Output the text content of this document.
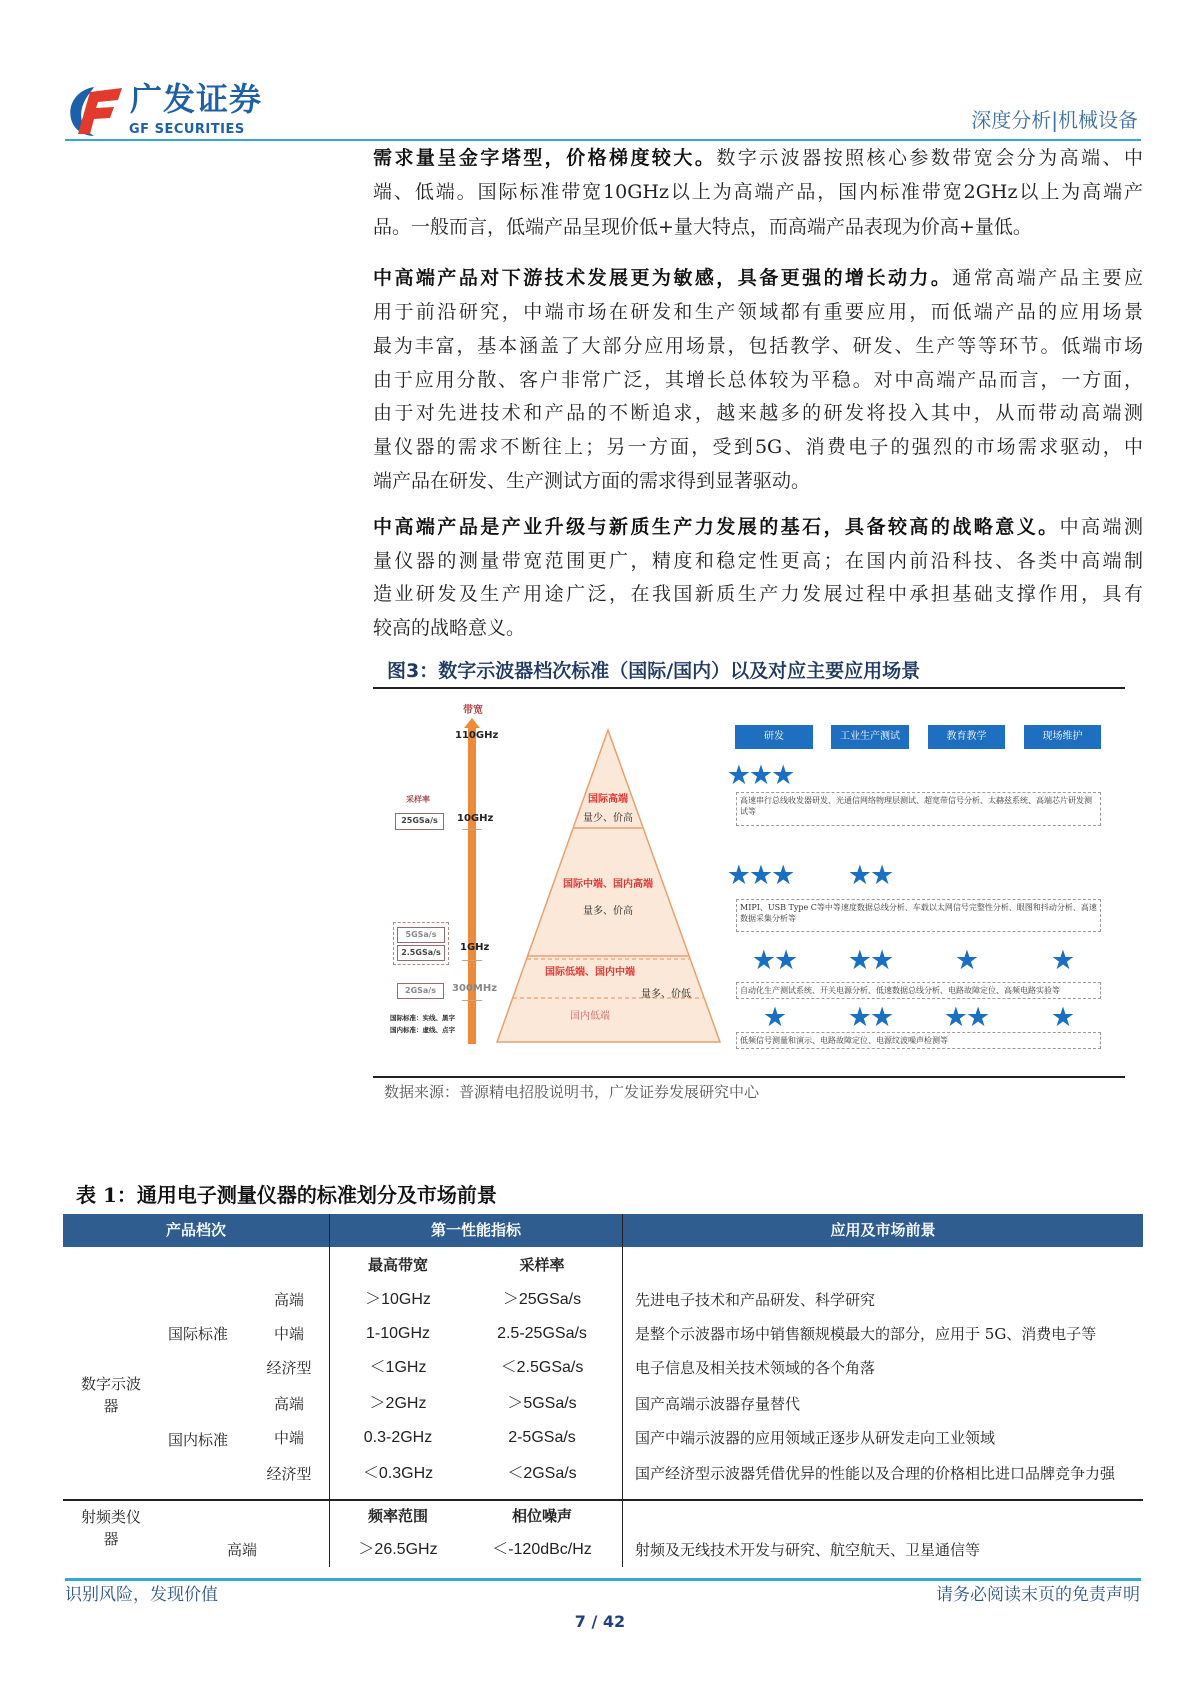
广发证券
GF SECURITIES	深度分析|机械设备
需求量呈金字塔型，价格梯度较大。数字示波器按照核心参数带宽会分为高端、中
端、低端。国际标准带宽10GHz以上为高端产品，国内标准带宽2GHz以上为高端产
品。一般而言，低端产品呈现价低+量大特点，而高端产品表现为价高+量低。
中高端产品对下游技术发展更为敏感，具备更强的增长动力。通常高端产品主要应
用于前沿研究，中端市场在研发和生产领域都有重要应用，而低端产品的应用场景
最为丰富，基本涵盖了大部分应用场景，包括教学、研发、生产等等环节。低端市场
由于应用分散、客户非常广泛，其增长总体较为平稳。对中高端产品而言，一方面，
由于对先进技术和产品的不断追求，越来越多的研发将投入其中，从而带动高端测
量仪器的需求不断往上；另一方面，受到5G、消费电子的强烈的市场需求驱动，中
端产品在研发、生产测试方面的需求得到显著驱动。
中高端产品是产业升级与新质生产力发展的基石，具备较高的战略意义。中高端测
量仪器的测量带宽范围更广，精度和稳定性更高；在国内前沿科技、各类中高端制
造业研发及生产用途广泛，在我国新质生产力发展过程中承担基础支撑作用，具有
较高的战略意义。
图3：数字示波器档次标准（国际/国内）以及对应主要应用场景
带宽
110GHz
10GHz
1GHz
300MHz
采样率
25GSa/s
5GSa/s
2.5GSa/s
2GSa/s
国际标准：实线、黑字
国内标准：虚线、点字
国际高端
量少、价高
国际中端、国内高端
量多、价高
国际低端、国内中端
量多、价低
国内低端
研发	工业生产测试	教育教学	现场维护
★★★
★★★	★★
★★	★★	★	★
★	★★	★★	★
高速串行总线收发器研发、光通信网络物理层测试、超宽带信号分析、太赫兹系统、高端芯片研发测试等
MIPI、USB Type C等中等速度数据总线分析、车载以太网信号完整性分析、眼图和抖动分析、高速数据采集分析等
自动化生产测试系统、开关电源分析、低速数据总线分析、电路故障定位、高频电路实验等
低频信号测量和演示、电路故障定位、电源纹波噪声检测等
数据来源：普源精电招股说明书，广发证券发展研究中心
表 1：通用电子测量仪器的标准划分及市场前景
产品档次	第一性能指标	应用及市场前景
最高带宽	采样率
数字示波器
国际标准
国内标准
高端	＞10GHz	＞25GSa/s	先进电子技术和产品研发、科学研究
中端	1-10GHz	2.5-25GSa/s	是整个示波器市场中销售额规模最大的部分，应用于 5G、消费电子等
经济型	＜1GHz	＜2.5GSa/s	电子信息及相关技术领域的各个角落
高端	＞2GHz	＞5GSa/s	国产高端示波器存量替代
中端	0.3-2GHz	2-5GSa/s	国产中端示波器的应用领域正逐步从研发走向工业领域
经济型	＜0.3GHz	＜2GSa/s	国产经济型示波器凭借优异的性能以及合理的价格相比进口品牌竞争力强
频率范围	相位噪声
射频类仪器
高端	＞26.5GHz	＜-120dBc/Hz	射频及无线技术开发与研究、航空航天、卫星通信等
识别风险，发现价值	请务必阅读末页的免责声明
7 / 42
